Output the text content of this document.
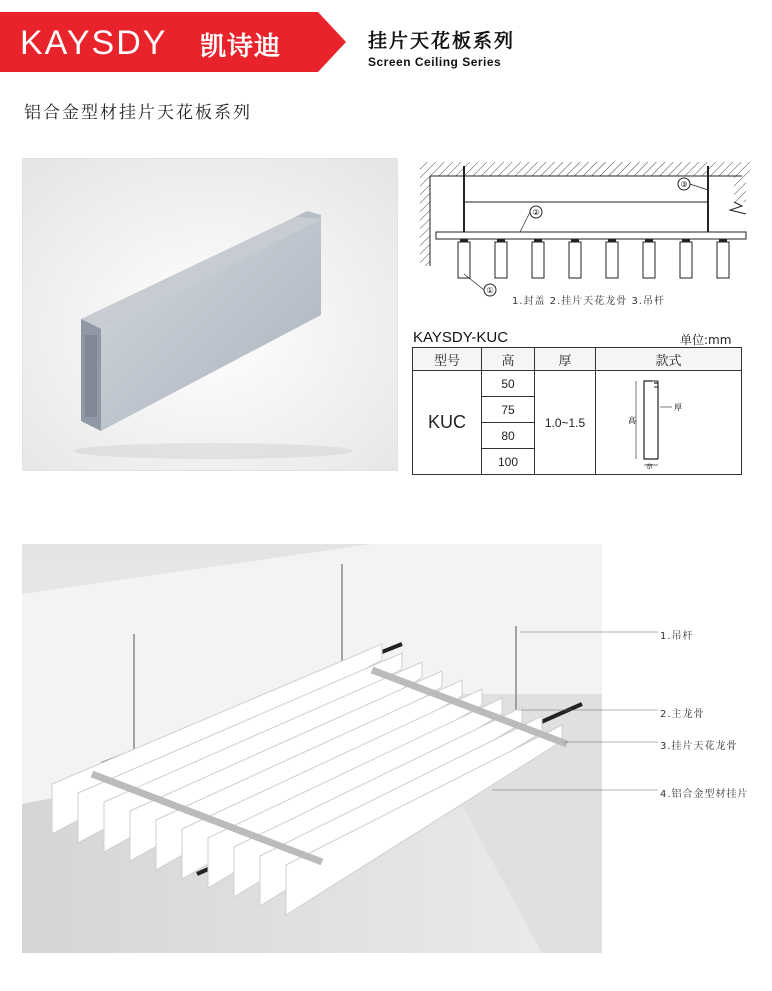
KAYSDY 凯诗迪	挂片天花板系列
Screen Ceiling Series
铝合金型材挂片天花板系列
③
②
①
1.封盖 2.挂片天花龙骨 3.吊杆
KAYSDY-KUC	单位:mm
型号	高	厚	款式
KUC	50	1.0~1.5	高
厚
宽

	75		
	80		
	100		
1.吊杆
2.主龙骨
3.挂片天花龙骨
4.铝合金型材挂片
